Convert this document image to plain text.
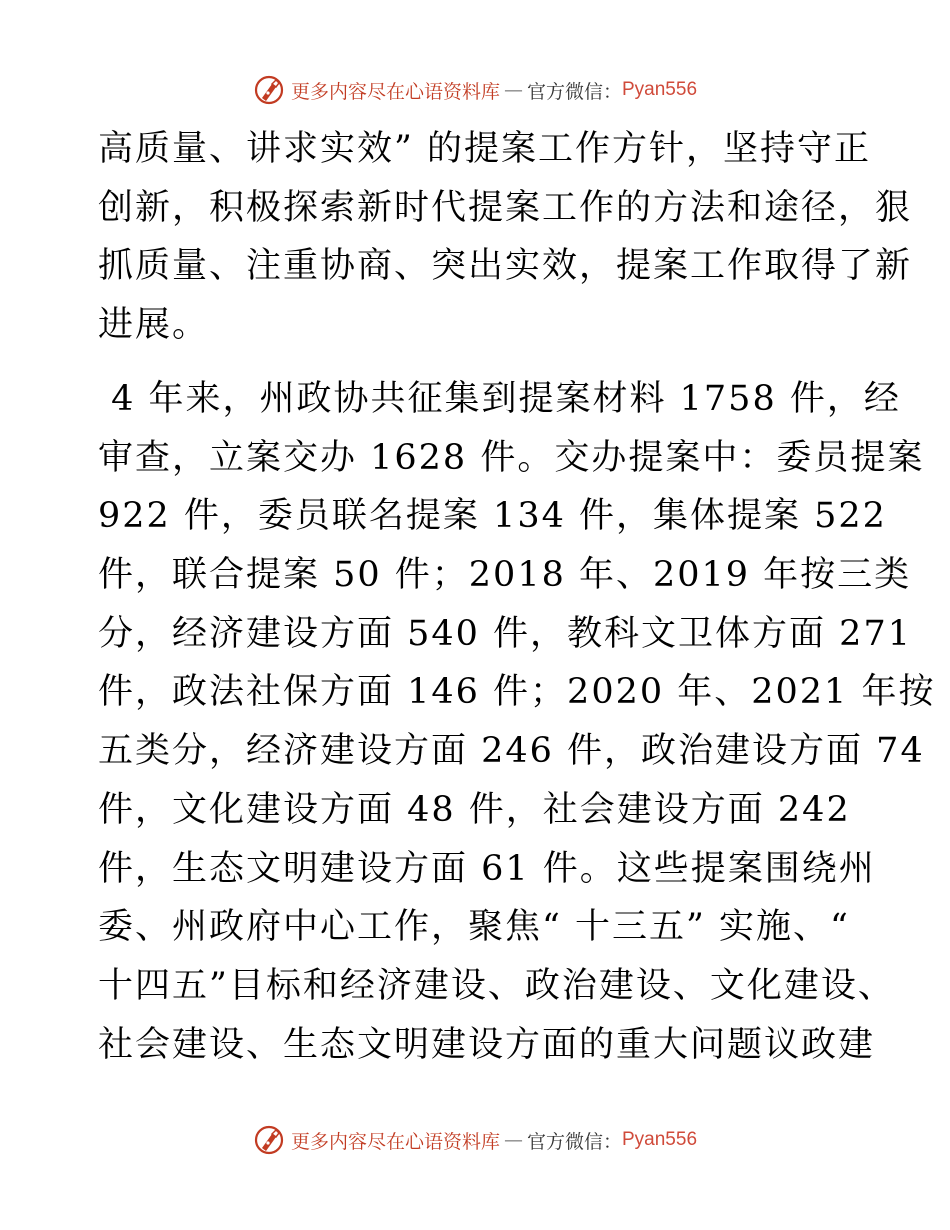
更多内容尽在心语资料库 — 官方微信： Pyan556
高质量、讲求实效” 的提案工作方针，坚持守正
创新，积极探索新时代提案工作的方法和途径，狠
抓质量、注重协商、突出实效，提案工作取得了新
进展。
4 年来，州政协共征集到提案材料 1758 件，经
审查，立案交办 1628 件。交办提案中：委员提案
922 件，委员联名提案 134 件，集体提案 522
件，联合提案 50 件；2018 年、2019 年按三类
分，经济建设方面 540 件，教科文卫体方面 271
件，政法社保方面 146 件；2020 年、2021 年按
五类分，经济建设方面 246 件，政治建设方面 74
件，文化建设方面 48 件，社会建设方面 242
件，生态文明建设方面 61 件。这些提案围绕州
委、州政府中心工作，聚焦“ 十三五” 实施、“
十四五”目标和经济建设、政治建设、文化建设、
社会建设、生态文明建设方面的重大问题议政建
更多内容尽在心语资料库 — 官方微信： Pyan556
